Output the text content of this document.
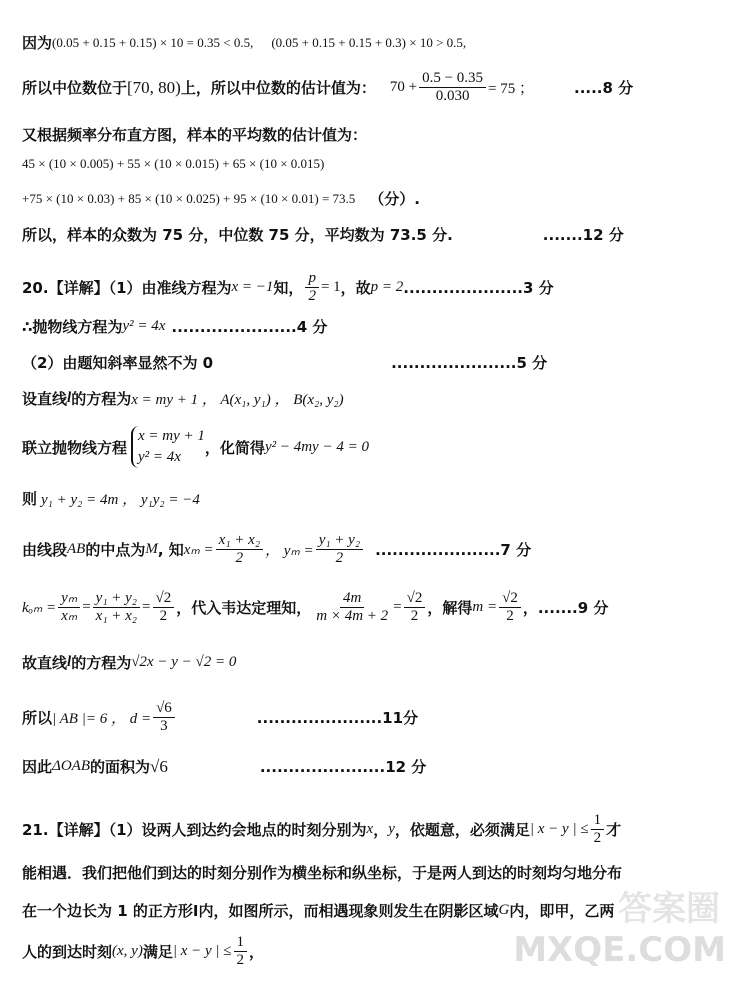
因为 (0.05 + 0.15 + 0.15) × 10 = 0.35 < 0.5, (0.05 + 0.15 + 0.15 + 0.3) × 10 > 0.5,
所以中位数位于 [70, 80) 上，所以中位数的估计值为： $70 + \frac{0.5 - 0.35}{0.030} = 75$ ；	.....8 分
又根据频率分布直方图，样本的平均数的估计值为：
45 × (10 × 0.005) + 55 × (10 × 0.015) + 65 × (10 × 0.015)
+75 × (10 × 0.03) + 85 × (10 × 0.025) + 95 × (10 × 0.01) = 73.5 （分）.
所以，样本的众数为 75 分，中位数 75 分，平均数为 73.5 分.	.......12 分
20.【详解】（1）由准线方程为 x = −1 知， $\frac{p}{2} = 1$ ，故 p = 2 .....................3 分
∴抛物线方程为 y² = 4x ......................4 分
（2）由题知斜率显然不为 0	......................5 分
设直线 l 的方程为 x = my + 1 ， A(x₁, y₁) ， B(x₂, y₂)
联立抛物线方程
x = my + 1
y² = 4x
，化简得 y² − 4my − 4 = 0
则 y₁ + y₂ = 4m ， y₁y₂ = −4
由线段 AB 的中点为 M , 知 $x_m = \frac{\text{x₁ + x₂}}{2}$ ， $y_m = \frac{\text{y₁ + y₂}}{2} ......................7$ 分
$k_{om} = \frac{\text{yₘ}}{\text{xₘ}} = \frac{\text{y₁ + y₂}}{\text{x₁ + x₂}} = \frac{√2}{2}$ ，代入韦达定理知， $\frac{4m}{m \times 4m + 2} = \frac{√2}{2}$ ，解得 $m = \frac{√2}{2}$ ，.......9 分
故直线 l 的方程为 √2x − y − √2 = 0
所以 | AB |= 6 ， $d = \frac{√6}{3}$	......................11分
因此 ΔOAB 的面积为 √6	......................12 分
21.【详解】（1）设两人到达约会地点的时刻分别为 x ， y ，依题意，必须满足 | x − y | ≤ $\frac{1}{2}$ 才
能相遇．我们把他们到达的时刻分别作为横坐标和纵坐标，于是两人到达的时刻均匀地分布
在一个边长为 1 的正方形Ⅰ内，如图所示，而相遇现象则发生在阴影区域 G 内，即甲，乙两
人的到达时刻 (x, y) 满足 | x − y | ≤ $\frac{1}{2}$ ，
答案圈
MXQE.COM
